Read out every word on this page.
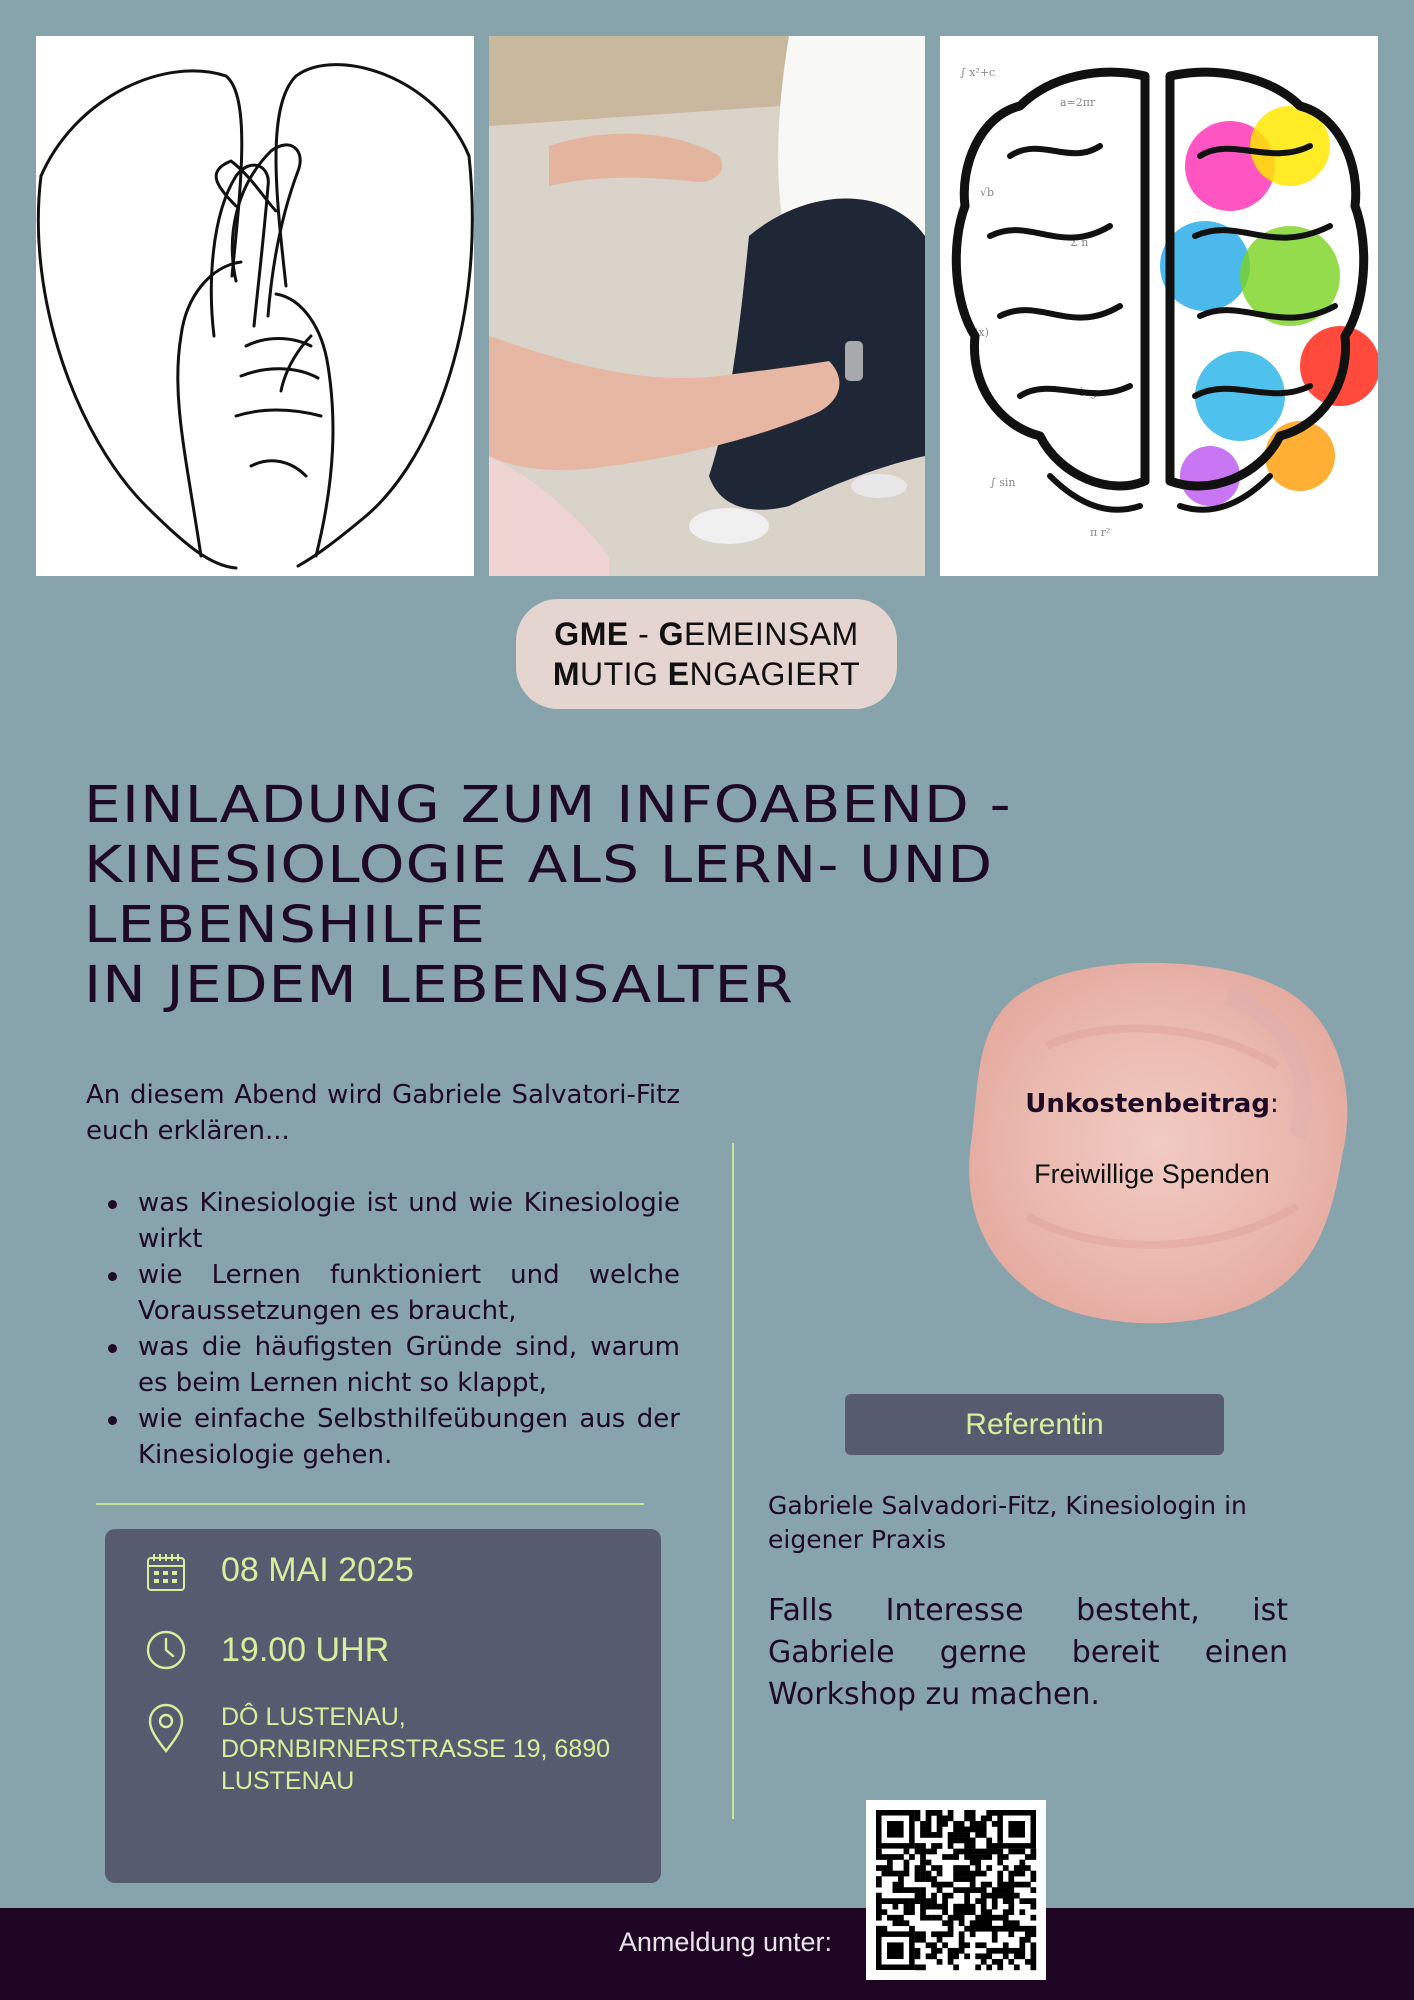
∫ x²+c
a=2πr
√b
Σ n
f(x)
log
∫ sin
π r²
GME - GEMEINSAM
MUTIG ENGAGIERT
EINLADUNG ZUM INFOABEND -
KINESIOLOGIE ALS LERN- UND
LEBENSHILFE
IN JEDEM LEBENSALTER
An diesem Abend wird Gabriele Salvatori-Fitz euch erklären...
was Kinesiologie ist und wie Kinesiologie wirkt
wie Lernen funktioniert und welche Voraussetzungen es braucht,
was die häufigsten Gründe sind, warum es beim Lernen nicht so klappt,
wie einfache Selbsthilfeübungen aus der Kinesiologie gehen.
08 MAI 2025
19.00 UHR
DÔ LUSTENAU, DORNBIRNERSTRASSE 19, 6890 LUSTENAU
Unkostenbeitrag:
Freiwillige Spenden
Referentin
Gabriele Salvadori-Fitz, Kinesiologin in eigener Praxis
Falls Interesse besteht, ist Gabriele gerne bereit einen Workshop zu machen.
Anmeldung unter:
